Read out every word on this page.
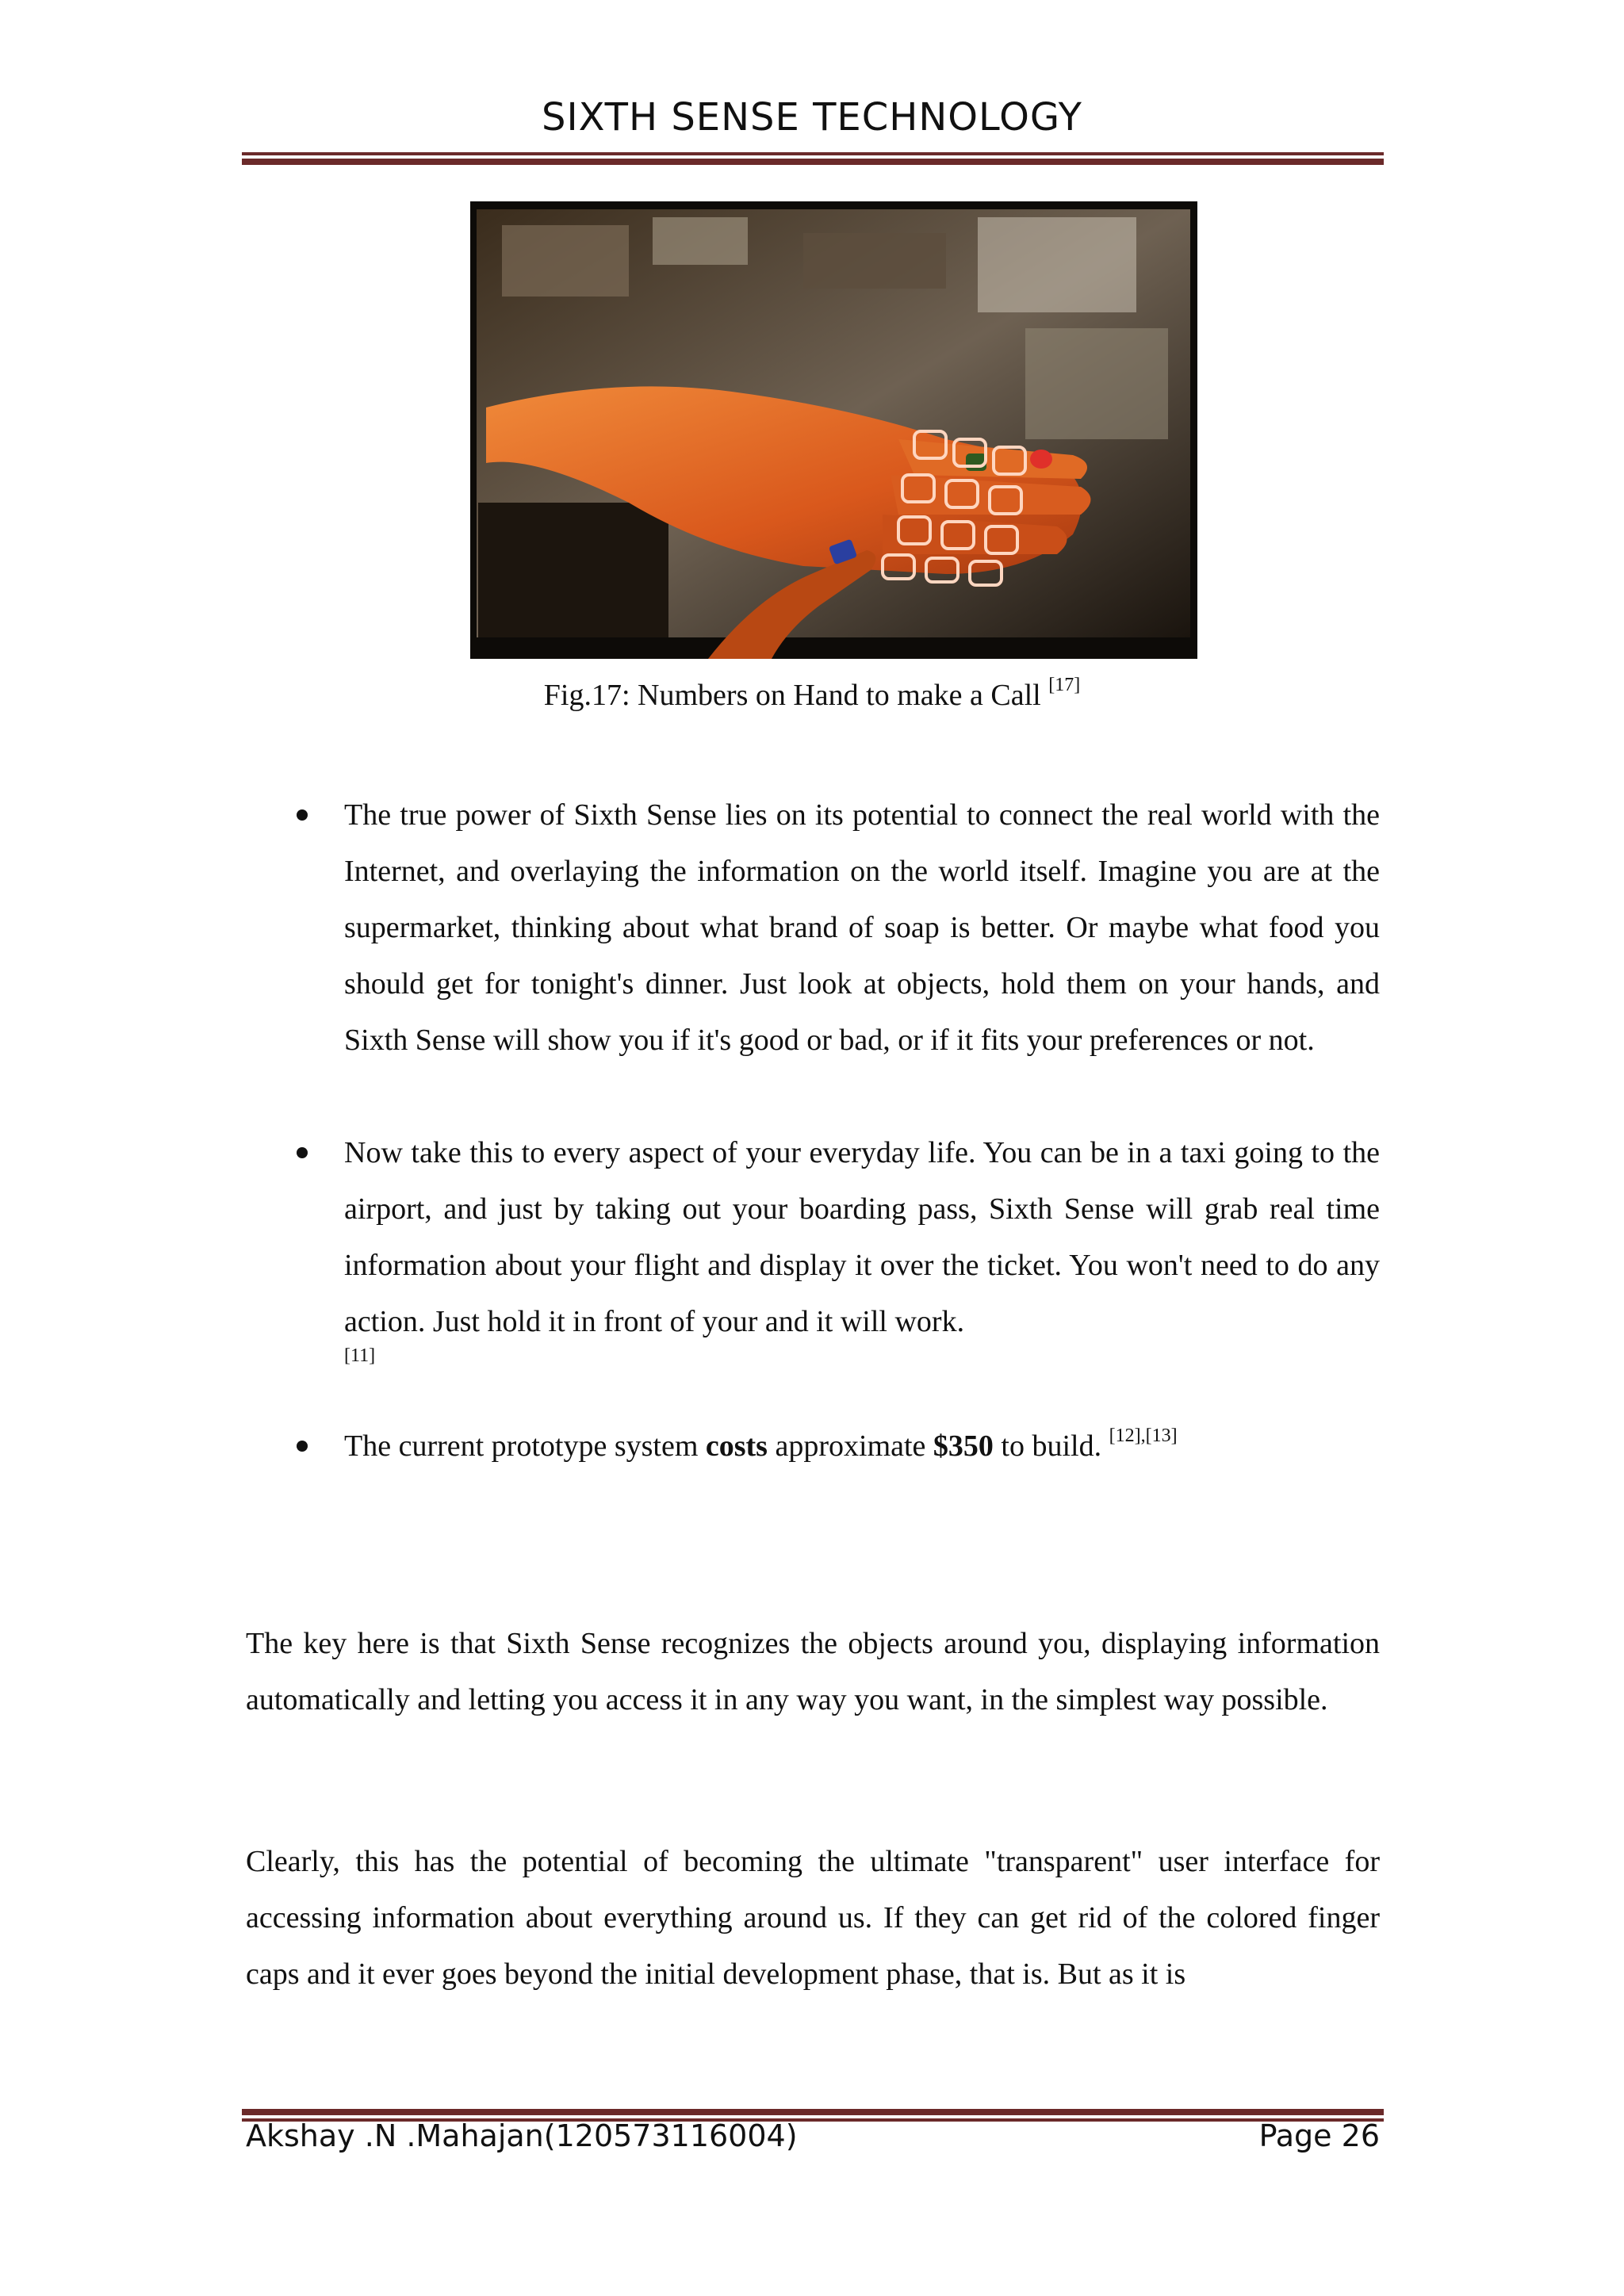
SIXTH SENSE TECHNOLOGY
Fig.17: Numbers on Hand to make a Call [17]
The true power of Sixth Sense lies on its potential to connect the real world with the Internet, and overlaying the information on the world itself. Imagine you are at the supermarket, thinking about what brand of soap is better. Or maybe what food you should get for tonight's dinner. Just look at objects, hold them on your hands, and Sixth Sense will show you if it's good or bad, or if it fits your preferences or not.
Now take this to every aspect of your everyday life. You can be in a taxi going to the airport, and just by taking out your boarding pass, Sixth Sense will grab real time information about your flight and display it over the ticket. You won't need to do any action. Just hold it in front of your and it will work.
[11]
The current prototype system costs approximate $350 to build. [12],[13]
The key here is that Sixth Sense recognizes the objects around you, displaying information automatically and letting you access it in any way you want, in the simplest way possible.
Clearly, this has the potential of becoming the ultimate "transparent" user interface for accessing information about everything around us. If they can get rid of the colored finger caps and it ever goes beyond the initial development phase, that is. But as it is
Akshay .N .Mahajan(120573116004)	Page 26
